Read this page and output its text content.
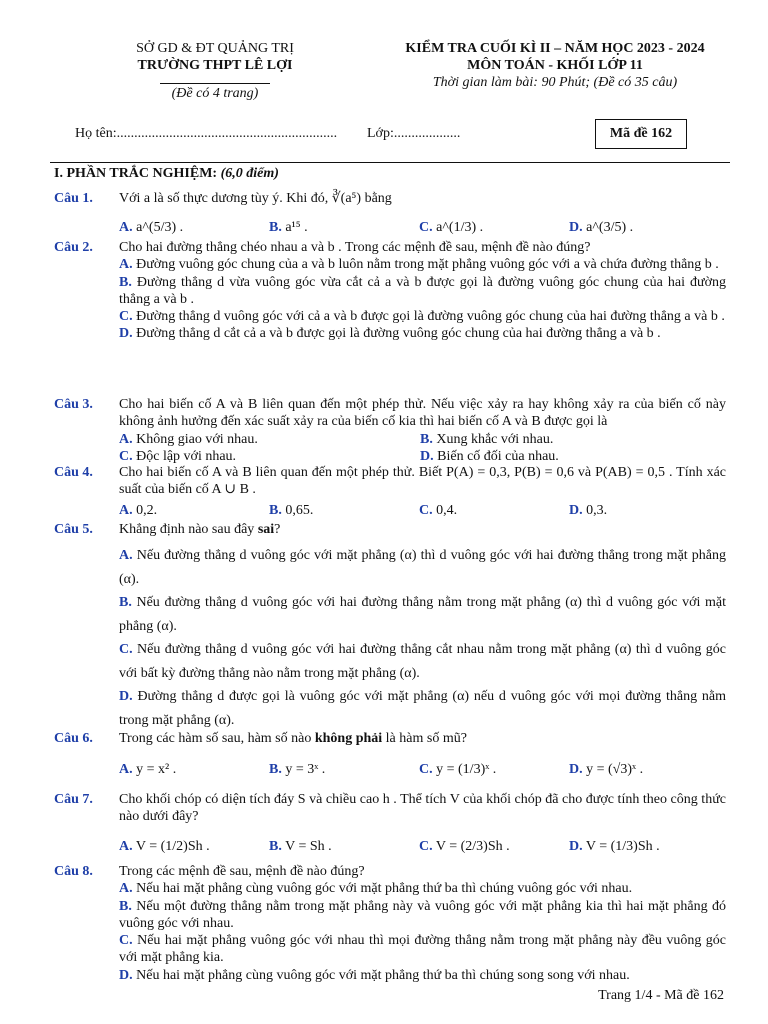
SỞ GD & ĐT QUẢNG TRỊ
TRƯỜNG THPT LÊ LỢI
(Đề có 4 trang)
KIỂM TRA CUỐI KÌ II – NĂM HỌC 2023 - 2024
MÔN TOÁN - KHỐI LỚP 11
Thời gian làm bài: 90 Phút; (Đề có 35 câu)
Họ tên:............................................................... Lớp:...................	Mã đề 162
I. PHẦN TRẮC NGHIỆM: (6,0 điểm)
Câu 1. Với a là số thực dương tùy ý. Khi đó, ∛(a⁵) bằng
A. a^(5/3) .	B. a¹⁵ .	C. a^(1/3) .	D. a^(3/5) .
Câu 2. Cho hai đường thẳng chéo nhau a và b . Trong các mệnh đề sau, mệnh đề nào đúng?

A. Đường vuông góc chung của a và b luôn nằm trong mặt phẳng vuông góc với a và chứa đường thẳng b .

B. Đường thẳng d vừa vuông góc vừa cắt cả a và b được gọi là đường vuông góc chung của hai đường thẳng a và b .

C. Đường thẳng d vuông góc với cả a và b được gọi là đường vuông góc chung của hai đường thẳng a và b .

D. Đường thẳng d cắt cả a và b được gọi là đường vuông góc chung của hai đường thẳng a và b .

Câu 3. Cho hai biến cố A và B liên quan đến một phép thử. Nếu việc xảy ra hay không xảy ra của biến cố này không ảnh hưởng đến xác suất xảy ra của biến cố kia thì hai biến cố A và B được gọi là
A. Không giao với nhau.	B. Xung khắc với nhau.
C. Độc lập với nhau.	D. Biến cố đối của nhau.
Câu 4. Cho hai biến cố A và B liên quan đến một phép thử. Biết P(A) = 0,3, P(B) = 0,6 và P(AB) = 0,5 . Tính xác suất của biến cố A ∪ B .
A. 0,2.	B. 0,65.	C. 0,4.	D. 0,3.
Câu 5. Khẳng định nào sau đây sai?

A. Nếu đường thẳng d vuông góc với mặt phẳng (α) thì d vuông góc với hai đường thẳng trong mặt phẳng (α).

B. Nếu đường thẳng d vuông góc với hai đường thẳng nằm trong mặt phẳng (α) thì d vuông góc với mặt phẳng (α).

C. Nếu đường thẳng d vuông góc với hai đường thẳng cắt nhau nằm trong mặt phẳng (α) thì d vuông góc với bất kỳ đường thẳng nào nằm trong mặt phẳng (α).

D. Đường thẳng d được gọi là vuông góc với mặt phẳng (α) nếu d vuông góc với mọi đường thẳng nằm trong mặt phẳng (α).

Câu 6. Trong các hàm số sau, hàm số nào không phải là hàm số mũ?
A. y = x² .	B. y = 3ˣ .	C. y = (1/3)ˣ .	D. y = (√3)ˣ .
Câu 7. Cho khối chóp có diện tích đáy S và chiều cao h . Thể tích V của khối chóp đã cho được tính theo công thức nào dưới đây?
A. V = (1/2)Sh .	B. V = Sh .	C. V = (2/3)Sh .	D. V = (1/3)Sh .
Câu 8. Trong các mệnh đề sau, mệnh đề nào đúng?

A. Nếu hai mặt phẳng cùng vuông góc với mặt phẳng thứ ba thì chúng vuông góc với nhau.

B. Nếu một đường thẳng nằm trong mặt phẳng này và vuông góc với mặt phẳng kia thì hai mặt phẳng đó vuông góc với nhau.

C. Nếu hai mặt phẳng vuông góc với nhau thì mọi đường thẳng nằm trong mặt phẳng này đều vuông góc với mặt phẳng kia.

D. Nếu hai mặt phẳng cùng vuông góc với mặt phẳng thứ ba thì chúng song song với nhau.

Trang 1/4 - Mã đề 162
